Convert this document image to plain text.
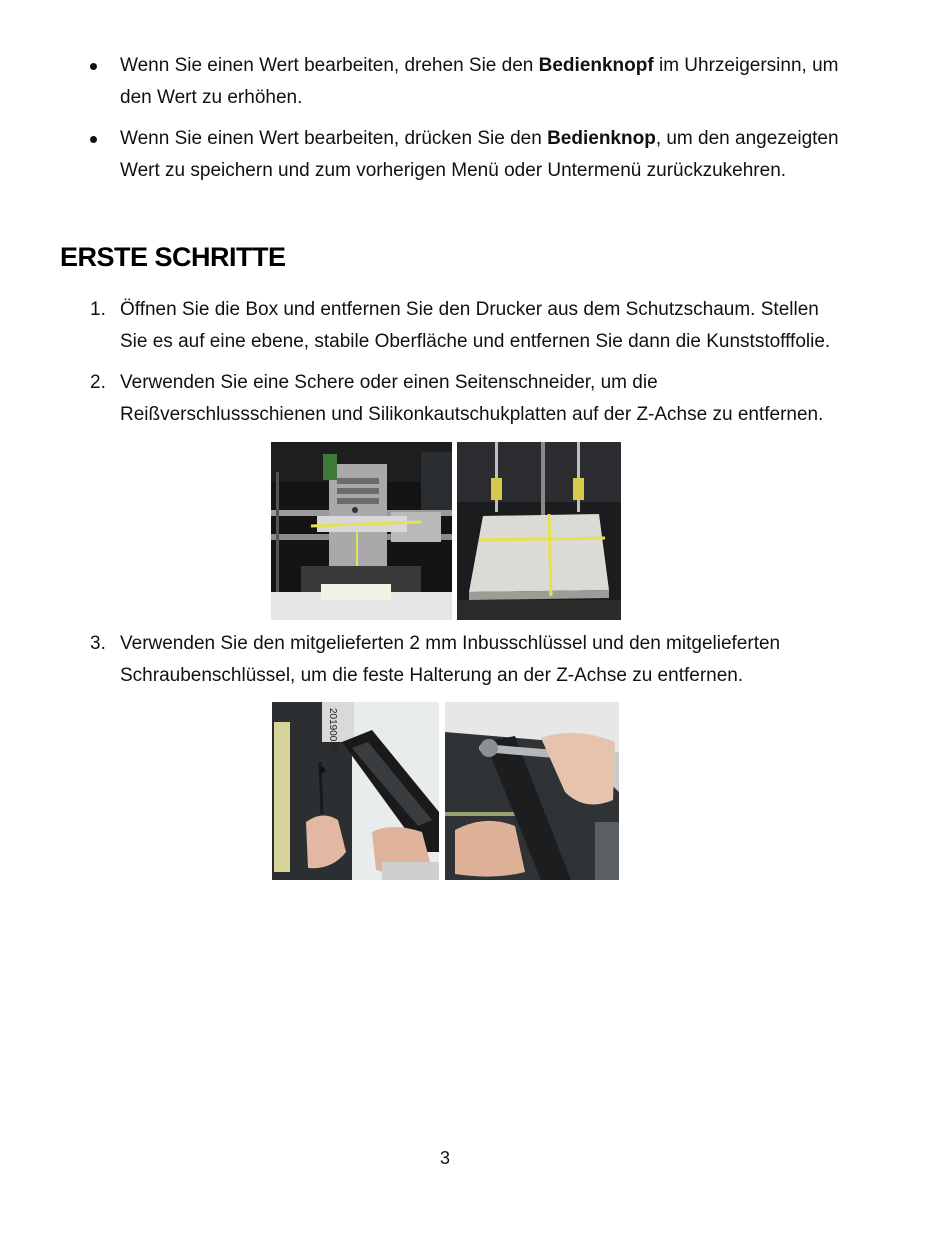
Wenn Sie einen Wert bearbeiten, drehen Sie den Bedienknopf im Uhrzeigersinn, um den Wert zu erhöhen.
Wenn Sie einen Wert bearbeiten, drücken Sie den Bedienknop, um den angezeigten Wert zu speichern und zum vorherigen Menü oder Untermenü zurückzukehren.
ERSTE SCHRITTE
1. Öffnen Sie die Box und entfernen Sie den Drucker aus dem Schutzschaum. Stellen Sie es auf eine ebene, stabile Oberfläche und entfernen Sie dann die Kunststofffolie.
2. Verwenden Sie eine Schere oder einen Seitenschneider, um die Reißverschlussschienen und Silikonkautschukplatten auf der Z-Achse zu entfernen.
3. Verwenden Sie den mitgelieferten 2 mm Inbusschlüssel und den mitgelieferten Schraubenschlüssel, um die feste Halterung an der Z-Achse zu entfernen.
20190087
3
